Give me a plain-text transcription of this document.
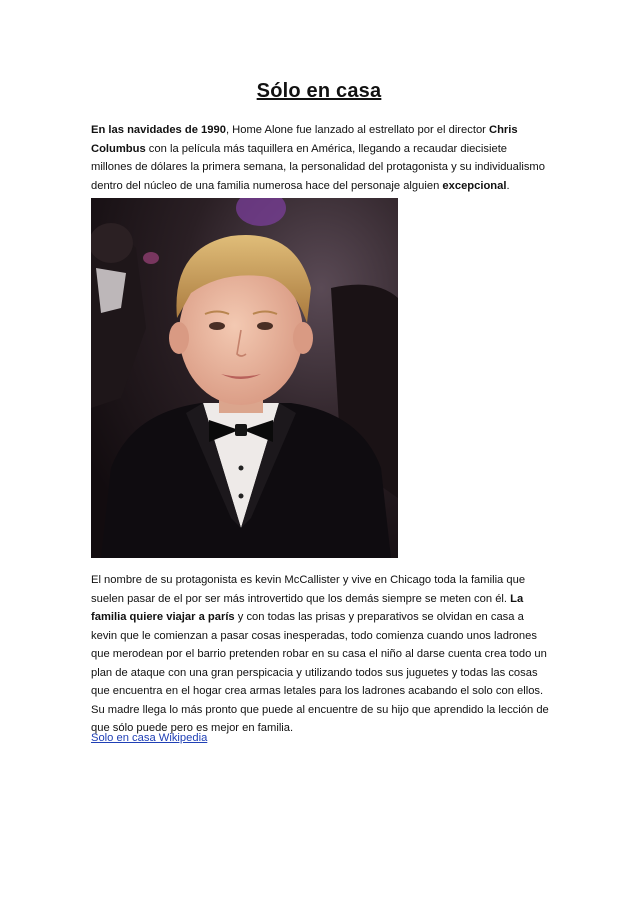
Sólo en casa
En las navidades de 1990, Home Alone fue lanzado al estrellato por el director Chris Columbus con la película más taquillera en América, llegando a recaudar diecisiete millones de dólares la primera semana, la personalidad del protagonista y su individualismo dentro del núcleo de una familia numerosa hace del personaje alguien excepcional.
El nombre de su protagonista es kevin McCallister y vive en Chicago toda la familia que suelen pasar de el por ser más introvertido que los demás siempre se meten con él. La familia quiere viajar a parís y con todas las prisas y preparativos se olvidan en casa a kevin que le comienzan a pasar cosas inesperadas, todo comienza cuando unos ladrones que merodean por el barrio pretenden robar en su casa el niño al darse cuenta crea todo un plan de ataque con una gran perspicacia y utilizando todos sus juguetes y todas las cosas que encuentra en el hogar crea armas letales para los ladrones acabando el solo con ellos. Su madre llega lo más pronto que puede al encuentre de su hijo que aprendido la lección de que sólo puede pero es mejor en familia.
Solo en casa Wikipedia
